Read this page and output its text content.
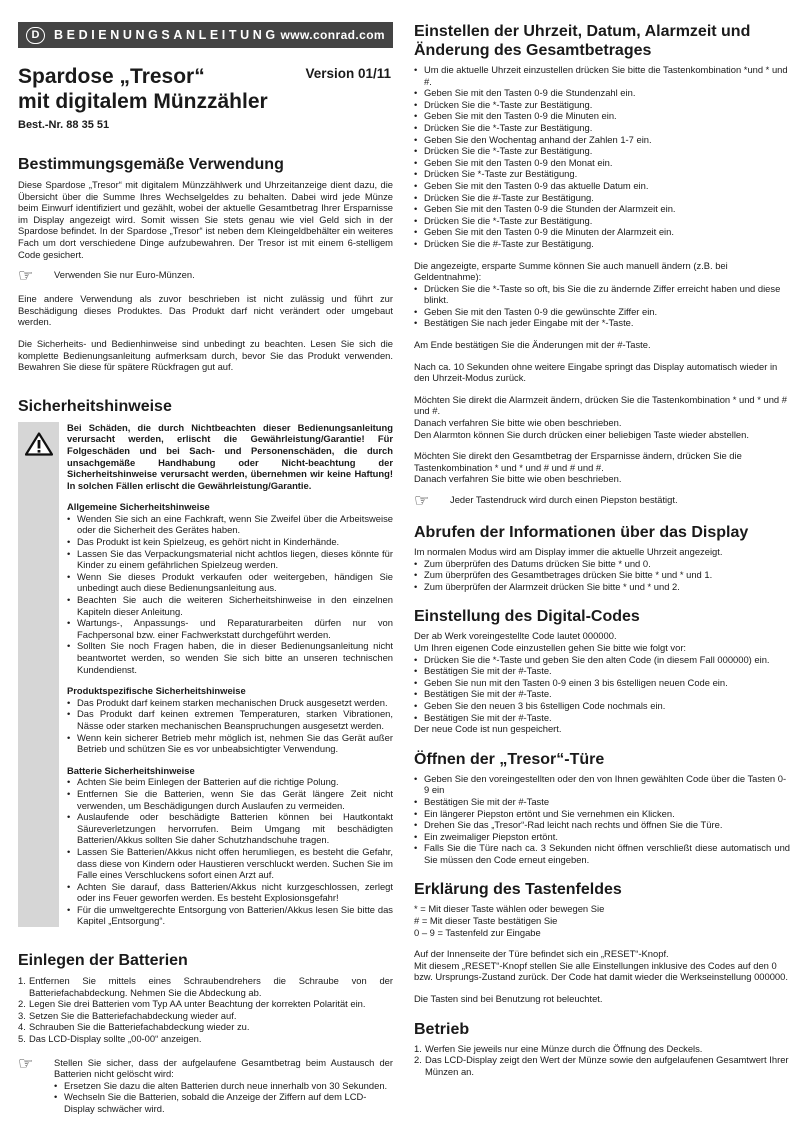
D	BEDIENUNGSANLEITUNG www.conrad.com
Spardose „Tresor“
mit digitalem Münzzähler
Version 01/11
Best.-Nr. 88 35 51
Bestimmungsgemäße Verwendung

Diese Spardose „Tresor“ mit digitalem Münzzählwerk und Uhrzeitanzeige dient dazu, die Übersicht über die Summe Ihres Wechselgeldes zu behalten. Dabei wird jede Münze beim Einwurf identifiziert und gezählt, wobei der aktuelle Gesamtbetrag Ihrer Ersparnisse im Display angezeigt wird. Somit wissen Sie stets genau wie viel Geld sich in der Spardose befindet. In der Spardose „Tresor“ ist neben dem Kleingeldbehälter ein weiteres Fach um dort verschiedene Dinge aufzubewahren. Der Tresor ist mit einem 6-stelligem Code gesichert.

☞	Verwenden Sie nur Euro-Münzen.

Eine andere Verwendung als zuvor beschrieben ist nicht zulässig und führt zur Beschädigung dieses Produktes. Das Produkt darf nicht verändert oder umgebaut werden.

Die Sicherheits- und Bedienhinweise sind unbedingt zu beachten. Lesen Sie sich die komplette Bedienungsanleitung aufmerksam durch, bevor Sie das Produkt verwenden. Bewahren Sie diese für spätere Rückfragen gut auf.

Sicherheitshinweise

Bei Schäden, die durch Nichtbeachten dieser Bedienungsanleitung verursacht werden, erlischt die Gewährleistung/Garantie! Für Folgeschäden und bei Sach- und Personenschäden, die durch unsachgemäße Handhabung oder Nicht-beachtung der Sicherheitshinweise verursacht werden, übernehmen wir keine Haftung! In solchen Fällen erlischt die Gewährleistung/Garantie.

Allgemeine Sicherheitshinweise
• Wenden Sie sich an eine Fachkraft, wenn Sie Zweifel über die Arbeitsweise oder die Sicherheit des Gerätes haben.
• Das Produkt ist kein Spielzeug, es gehört nicht in Kinderhände.
• Lassen Sie das Verpackungsmaterial nicht achtlos liegen, dieses könnte für Kinder zu einem gefährlichen Spielzeug werden.
• Wenn Sie dieses Produkt verkaufen oder weitergeben, händigen Sie unbedingt auch diese Bedienungsanleitung aus.
• Beachten Sie auch die weiteren Sicherheitshinweise in den einzelnen Kapiteln dieser Anleitung.
• Wartungs-, Anpassungs- und Reparaturarbeiten dürfen nur von Fachpersonal bzw. einer Fachwerkstatt durchgeführt werden.
• Sollten Sie noch Fragen haben, die in dieser Bedienungsanleitung nicht beantwortet werden, so wenden Sie sich bitte an unseren technischen Kundendienst.
Produktspezifische Sicherheitshinweise
• Das Produkt darf keinem starken mechanischen Druck ausgesetzt werden.
• Das Produkt darf keinen extremen Temperaturen, starken Vibrationen, Nässe oder starken mechanischen Beanspruchungen ausgesetzt werden.
• Wenn kein sicherer Betrieb mehr möglich ist, nehmen Sie das Gerät außer Betrieb und schützen Sie es vor unbeabsichtigter Verwendung.
Batterie Sicherheitshinweise
• Achten Sie beim Einlegen der Batterien auf die richtige Polung.
• Entfernen Sie die Batterien, wenn Sie das Gerät längere Zeit nicht verwenden, um Beschädigungen durch Auslaufen zu vermeiden.
• Auslaufende oder beschädigte Batterien können bei Hautkontakt Säureverletzungen hervorrufen. Beim Umgang mit beschädigten Batterien/Akkus sollten Sie daher Schutzhandschuhe tragen.
• Lassen Sie Batterien/Akkus nicht offen herumliegen, es besteht die Gefahr, dass diese von Kindern oder Haustieren verschluckt werden. Suchen Sie im Falle eines Verschluckens sofort einen Arzt auf.
• Achten Sie darauf, dass Batterien/Akkus nicht kurzgeschlossen, zerlegt oder ins Feuer geworfen werden. Es besteht Explosionsgefahr!
• Für die umweltgerechte Entsorgung von Batterien/Akkus lesen Sie bitte das Kapitel „Entsorgung“.
Einlegen der Batterien
1. Entfernen Sie mittels eines Schraubendrehers die Schraube von der Batteriefachabdeckung. Nehmen Sie die Abdeckung ab.
2. Legen Sie drei Batterien vom Typ AA unter Beachtung der korrekten Polarität ein.
3. Setzen Sie die Batteriefachabdeckung wieder auf.
4. Schrauben Sie die Batteriefachabdeckung wieder zu.
5. Das LCD-Display sollte „00-00“ anzeigen.
☞	Stellen Sie sicher, dass der aufgelaufene Gesamtbetrag beim Austausch der Batterien nicht gelöscht wird:

• Ersetzen Sie dazu die alten Batterien durch neue innerhalb von 30 Sekunden.
• Wechseln Sie die Batterien, sobald die Anzeige der Ziffern auf dem LCD-Display schwächer wird.
Einstellen der Uhrzeit, Datum, Alarmzeit und Änderung des Gesamtbetrages
• Um die aktuelle Uhrzeit einzustellen drücken Sie bitte die Tastenkombination *und * und #.
• Geben Sie mit den Tasten 0-9 die Stundenzahl ein.
• Drücken Sie die *-Taste zur Bestätigung.
• Geben Sie mit den Tasten 0-9 die Minuten ein.
• Drücken Sie die *-Taste zur Bestätigung.
• Geben Sie den Wochentag anhand der Zahlen 1-7 ein.
• Drücken Sie die *-Taste zur Bestätigung.
• Geben Sie mit den Tasten 0-9 den Monat ein.
• Drücken Sie *-Taste zur Bestätigung.
• Geben Sie mit den Tasten 0-9 das aktuelle Datum ein.
• Drücken Sie die #-Taste zur Bestätigung.
• Geben Sie mit den Tasten 0-9 die Stunden der Alarmzeit ein.
• Drücken Sie die *-Taste zur Bestätigung.
• Geben Sie mit den Tasten 0-9 die Minuten der Alarmzeit ein.
• Drücken Sie die #-Taste zur Bestätigung.

Die angezeigte, ersparte Summe können Sie auch manuell ändern (z.B. bei Geldentnahme):

• Drücken Sie die *-Taste so oft, bis Sie die zu ändernde Ziffer erreicht haben und diese blinkt.
• Geben Sie mit den Tasten 0-9 die gewünschte Ziffer ein.
• Bestätigen Sie nach jeder Eingabe mit der *-Taste.

Am Ende bestätigen Sie die Änderungen mit der #-Taste.

Nach ca. 10 Sekunden ohne weitere Eingabe springt das Display automatisch wieder in den Uhrzeit-Modus zurück.

Möchten Sie direkt die Alarmzeit ändern, drücken Sie die Tastenkombination * und * und # und #.

Danach verfahren Sie bitte wie oben beschrieben.

Den Alarmton können Sie durch drücken einer beliebigen Taste wieder abstellen.

Möchten Sie direkt den Gesamtbetrag der Ersparnisse ändern, drücken Sie die Tastenkombination * und * und # und # und #.

Danach verfahren Sie bitte wie oben beschrieben.

☞	Jeder Tastendruck wird durch einen Piepston bestätigt.

Abrufen der Informationen über das Display

Im normalen Modus wird am Display immer die aktuelle Uhrzeit angezeigt.

• Zum überprüfen des Datums drücken Sie bitte * und 0.
• Zum überprüfen des Gesamtbetrages drücken Sie bitte * und * und 1.
• Zum überprüfen der Alarmzeit drücken Sie bitte * und * und 2.
Einstellung des Digital-Codes

Der ab Werk voreingestellte Code lautet 000000.

Um Ihren eigenen Code einzustellen gehen Sie bitte wie folgt vor:

• Drücken Sie die *-Taste und geben Sie den alten Code (in diesem Fall 000000) ein.
• Bestätigen Sie mit der #-Taste.
• Geben Sie nun mit den Tasten 0-9 einen 3 bis 6stelligen neuen Code ein.
• Bestätigen Sie mit der #-Taste.
• Geben Sie den neuen 3 bis 6stelligen Code nochmals ein.
• Bestätigen Sie mit der #-Taste.

Der neue Code ist nun gespeichert.

Öffnen der „Tresor“-Türe
• Geben Sie den voreingestellten oder den von Ihnen gewählten Code über die Tasten 0-9 ein
• Bestätigen Sie mit der #-Taste
• Ein längerer Piepston ertönt und Sie vernehmen ein Klicken.
• Drehen Sie das „Tresor“-Rad leicht nach rechts und öffnen Sie die Türe.
• Ein zweimaliger Piepston ertönt.
• Falls Sie die Türe nach ca. 3 Sekunden nicht öffnen verschließt diese automatisch und Sie müssen den Code erneut eingeben.
Erklärung des Tastenfeldes

* = Mit dieser Taste wählen oder bewegen Sie

# = Mit dieser Taste bestätigen Sie

0 – 9 = Tastenfeld zur Eingabe

Auf der Innenseite der Türe befindet sich ein „RESET“-Knopf.

Mit diesem „RESET“-Knopf stellen Sie alle Einstellungen inklusive des Codes auf den 0 bzw. Ursprungs-Zustand zurück. Der Code hat damit wieder die Werkseinstellung 000000.

Die Tasten sind bei Benutzung rot beleuchtet.

Betrieb
1. Werfen Sie jeweils nur eine Münze durch die Öffnung des Deckels.
2. Das LCD-Display zeigt den Wert der Münze sowie den aufgelaufenen Gesamtwert Ihrer Münzen an.
